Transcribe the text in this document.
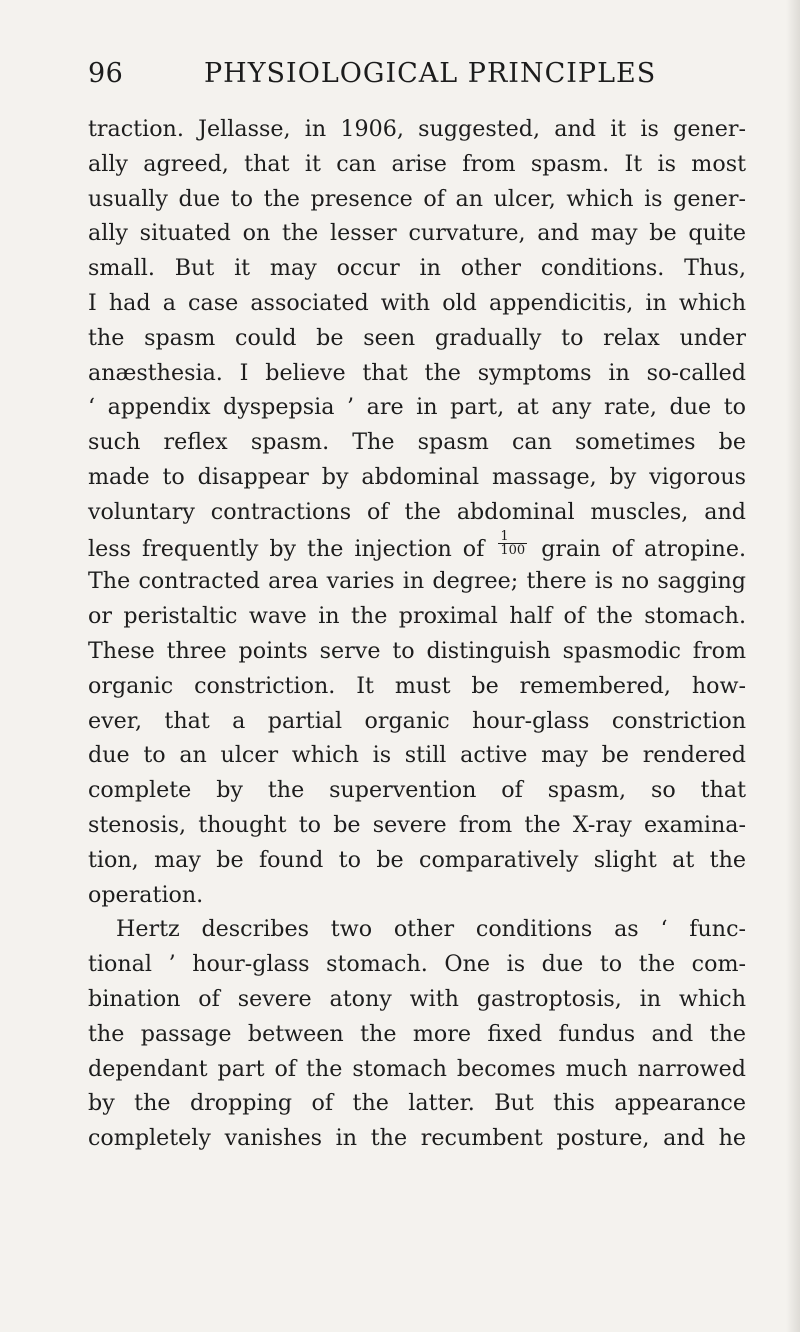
96	PHYSIOLOGICAL PRINCIPLES
traction. Jellasse, in 1906, suggested, and it is gener-
ally agreed, that it can arise from spasm. It is most
usually due to the presence of an ulcer, which is gener-
ally situated on the lesser curvature, and may be quite
small. But it may occur in other conditions. Thus,
I had a case associated with old appendicitis, in which
the spasm could be seen gradually to relax under
anæsthesia. I believe that the symptoms in so-called
‘ appendix dyspepsia ’ are in part, at any rate, due to
such reflex spasm. The spasm can sometimes be
made to disappear by abdominal massage, by vigorous
voluntary contractions of the abdominal muscles, and
less frequently by the injection of $\frac{1}{100}$ grain of atropine.
The contracted area varies in degree; there is no sagging
or peristaltic wave in the proximal half of the stomach.
These three points serve to distinguish spasmodic from
organic constriction. It must be remembered, how-
ever, that a partial organic hour-glass constriction
due to an ulcer which is still active may be rendered
complete by the supervention of spasm, so that
stenosis, thought to be severe from the X-ray examina-
tion, may be found to be comparatively slight at the
operation.
Hertz describes two other conditions as ‘ func-
tional ’ hour-glass stomach. One is due to the com-
bination of severe atony with gastroptosis, in which
the passage between the more fixed fundus and the
dependant part of the stomach becomes much narrowed
by the dropping of the latter. But this appearance
completely vanishes in the recumbent posture, and he
